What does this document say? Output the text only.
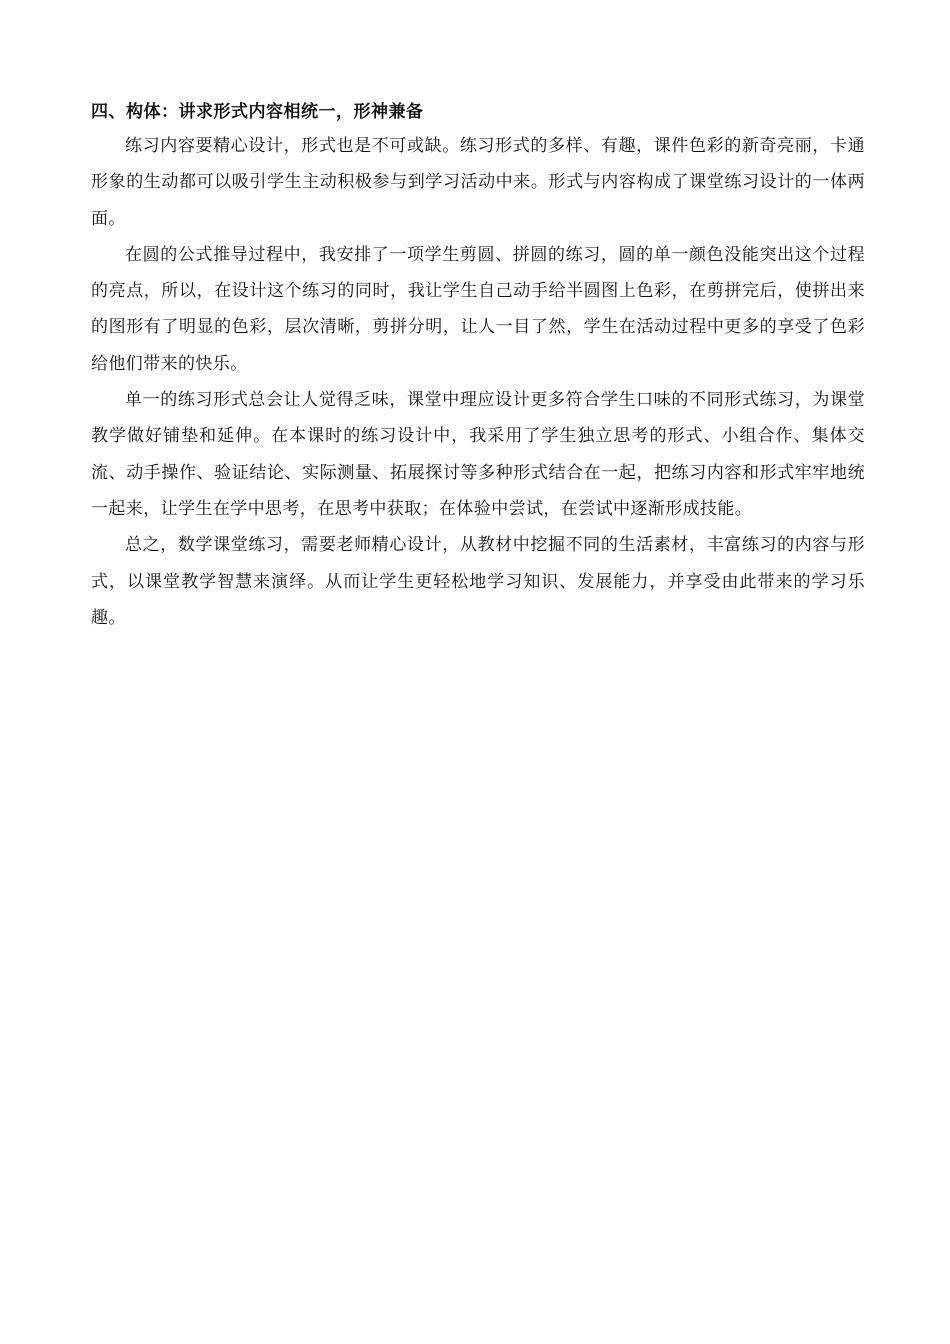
四、构体：讲求形式内容相统一，形神兼备

练习内容要精心设计，形式也是不可或缺。练习形式的多样、有趣，课件色彩的新奇亮丽，卡通形象的生动都可以吸引学生主动积极参与到学习活动中来。形式与内容构成了课堂练习设计的一体两面。

在圆的公式推导过程中，我安排了一项学生剪圆、拼圆的练习，圆的单一颜色没能突出这个过程的亮点，所以，在设计这个练习的同时，我让学生自己动手给半圆图上色彩，在剪拼完后，使拼出来的图形有了明显的色彩，层次清晰，剪拼分明，让人一目了然，学生在活动过程中更多的享受了色彩给他们带来的快乐。

单一的练习形式总会让人觉得乏味，课堂中理应设计更多符合学生口味的不同形式练习，为课堂教学做好铺垫和延伸。在本课时的练习设计中，我采用了学生独立思考的形式、小组合作、集体交流、动手操作、验证结论、实际测量、拓展探讨等多种形式结合在一起，把练习内容和形式牢牢地统一起来，让学生在学中思考，在思考中获取；在体验中尝试，在尝试中逐渐形成技能。

总之，数学课堂练习，需要老师精心设计，从教材中挖掘不同的生活素材，丰富练习的内容与形式，以课堂教学智慧来演绎。从而让学生更轻松地学习知识、发展能力，并享受由此带来的学习乐趣。
